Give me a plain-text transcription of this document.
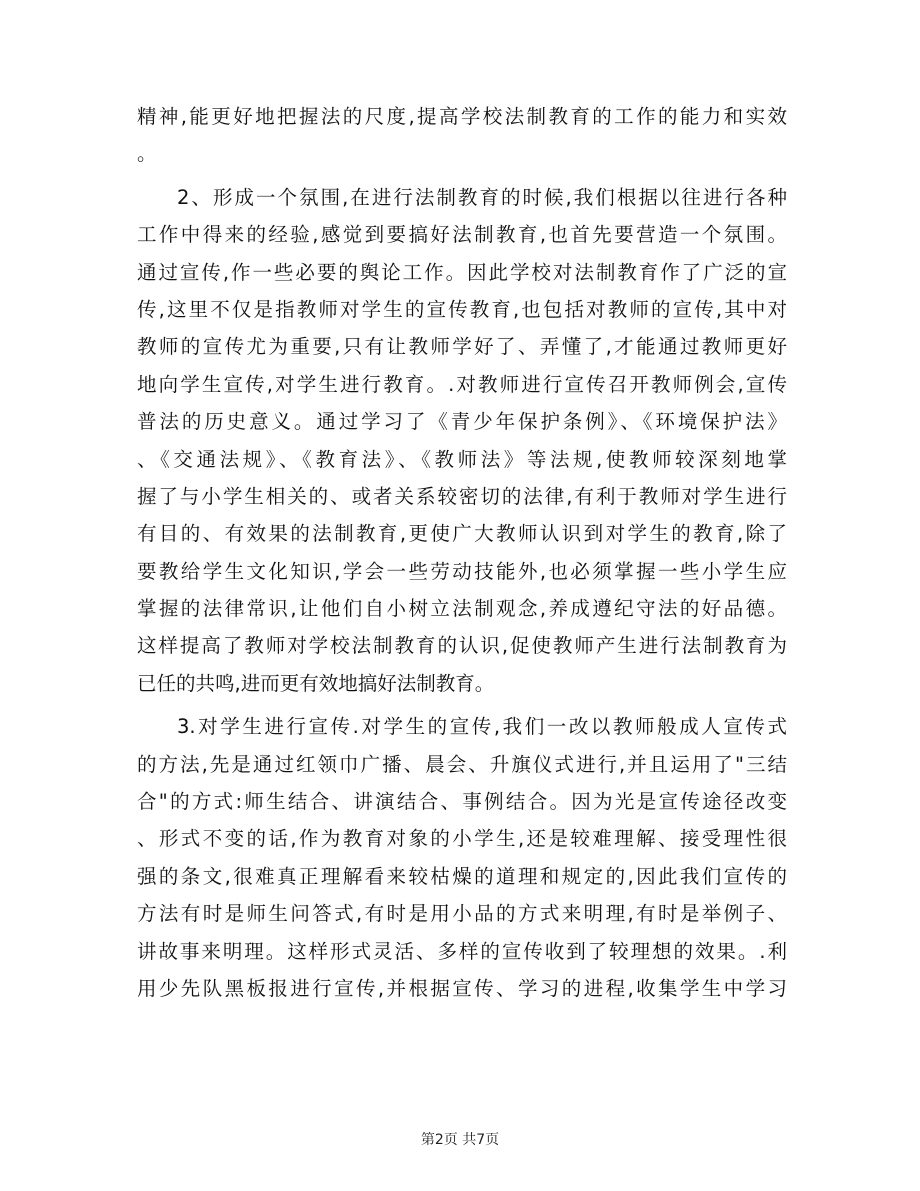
精神,能更好地把握法的尺度,提高学校法制教育的工作的能力和实效
。
2、形成一个氛围,在进行法制教育的时候,我们根据以往进行各种
工作中得来的经验,感觉到要搞好法制教育,也首先要营造一个氛围。
通过宣传,作一些必要的舆论工作。因此学校对法制教育作了广泛的宣
传,这里不仅是指教师对学生的宣传教育,也包括对教师的宣传,其中对
教师的宣传尤为重要,只有让教师学好了、弄懂了,才能通过教师更好
地向学生宣传,对学生进行教育。.对教师进行宣传召开教师例会,宣传
普法的历史意义。通过学习了《青少年保护条例》、《环境保护法》
、《交通法规》、《教育法》、《教师法》等法规,使教师较深刻地掌
握了与小学生相关的、或者关系较密切的法律,有利于教师对学生进行
有目的、有效果的法制教育,更使广大教师认识到对学生的教育,除了
要教给学生文化知识,学会一些劳动技能外,也必须掌握一些小学生应
掌握的法律常识,让他们自小树立法制观念,养成遵纪守法的好品德。
这样提高了教师对学校法制教育的认识,促使教师产生进行法制教育为
已任的共鸣,进而更有效地搞好法制教育。
3.对学生进行宣传.对学生的宣传,我们一改以教师般成人宣传式
的方法,先是通过红领巾广播、晨会、升旗仪式进行,并且运用了"三结
合"的方式:师生结合、讲演结合、事例结合。因为光是宣传途径改变
、形式不变的话,作为教育对象的小学生,还是较难理解、接受理性很
强的条文,很难真正理解看来较枯燥的道理和规定的,因此我们宣传的
方法有时是师生问答式,有时是用小品的方式来明理,有时是举例子、
讲故事来明理。这样形式灵活、多样的宣传收到了较理想的效果。.利
用少先队黑板报进行宣传,并根据宣传、学习的进程,收集学生中学习
第2页 共7页
